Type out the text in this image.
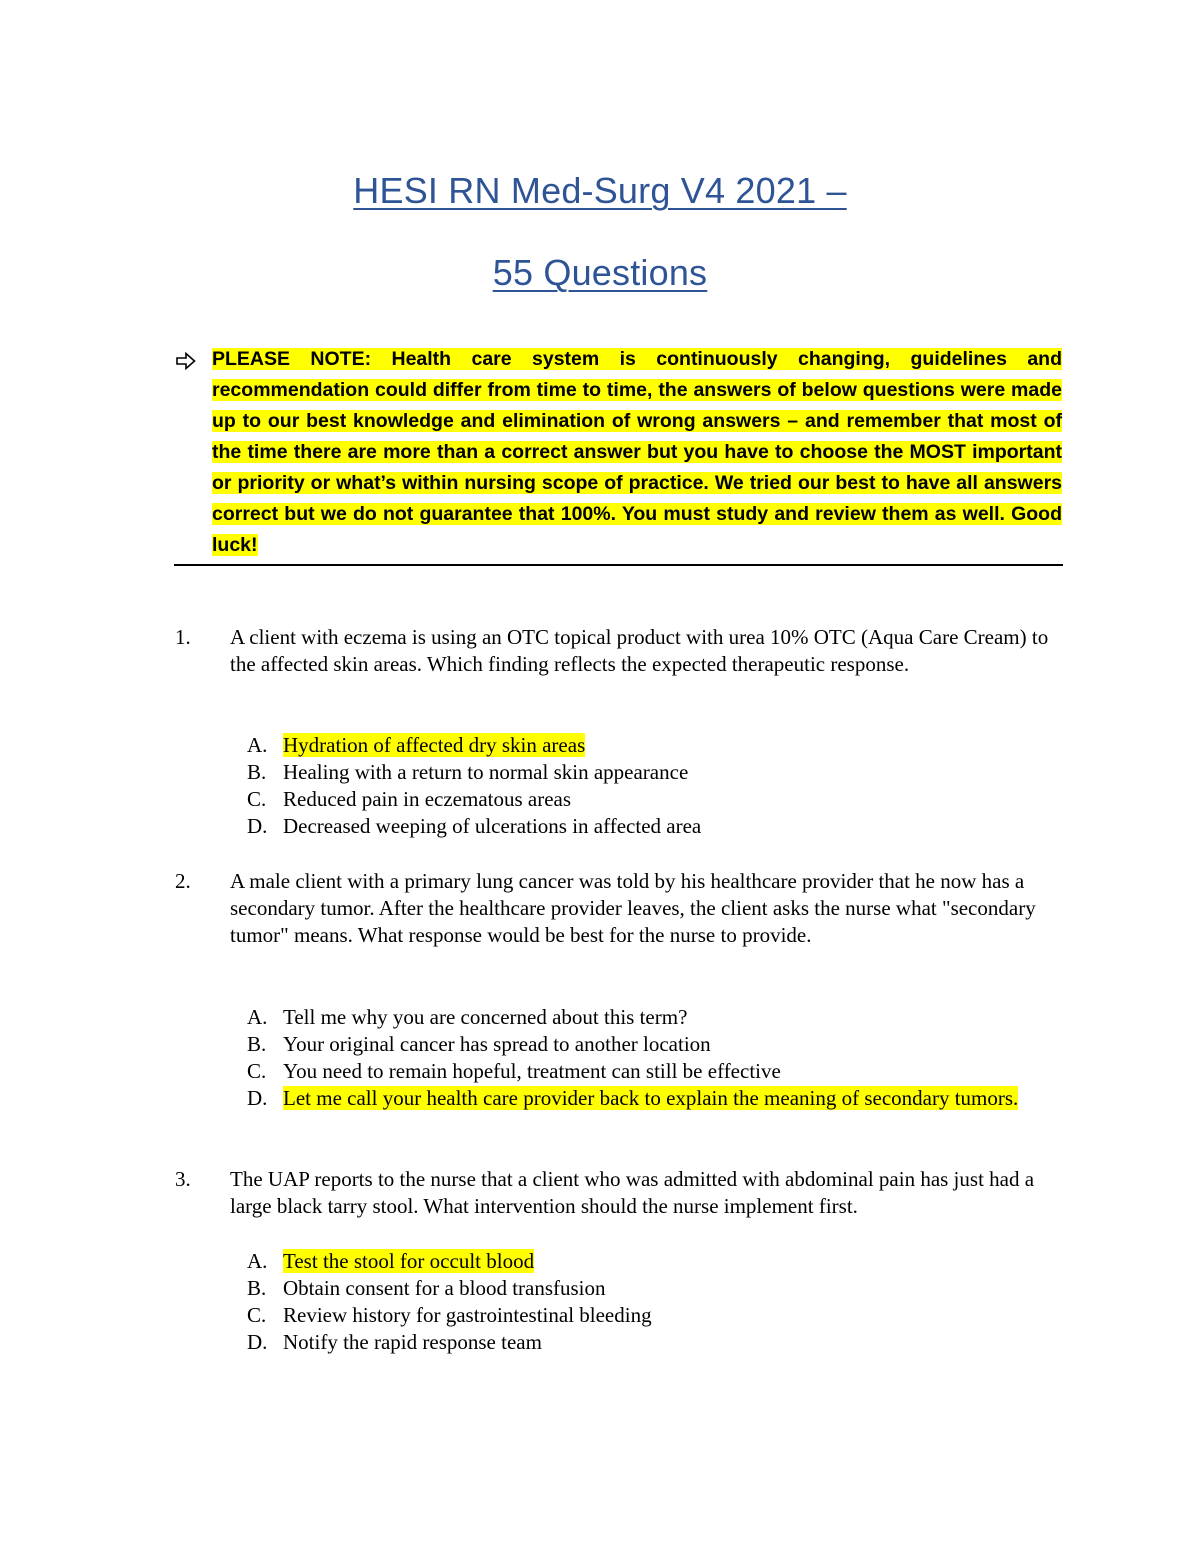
HESI RN Med-Surg V4 2021 –
55 Questions
PLEASE NOTE: Health care system is continuously changing, guidelines and recommendation could differ from time to time, the answers of below questions were made up to our best knowledge and elimination of wrong answers – and remember that most of the time there are more than a correct answer but you have to choose the MOST important or priority or what’s within nursing scope of practice. We tried our best to have all answers correct but we do not guarantee that 100%. You must study and review them as well. Good luck!
1. A client with eczema is using an OTC topical product with urea 10% OTC (Aqua Care Cream) to the affected skin areas. Which finding reflects the expected therapeutic response.
A. Hydration of affected dry skin areas
B. Healing with a return to normal skin appearance
C. Reduced pain in eczematous areas
D. Decreased weeping of ulcerations in affected area
2. A male client with a primary lung cancer was told by his healthcare provider that he now has a secondary tumor. After the healthcare provider leaves, the client asks the nurse what "secondary tumor" means. What response would be best for the nurse to provide.
A. Tell me why you are concerned about this term?
B. Your original cancer has spread to another location
C. You need to remain hopeful, treatment can still be effective
D. Let me call your health care provider back to explain the meaning of secondary tumors.
3. The UAP reports to the nurse that a client who was admitted with abdominal pain has just had a large black tarry stool. What intervention should the nurse implement first.
A. Test the stool for occult blood
B. Obtain consent for a blood transfusion
C. Review history for gastrointestinal bleeding
D. Notify the rapid response team
